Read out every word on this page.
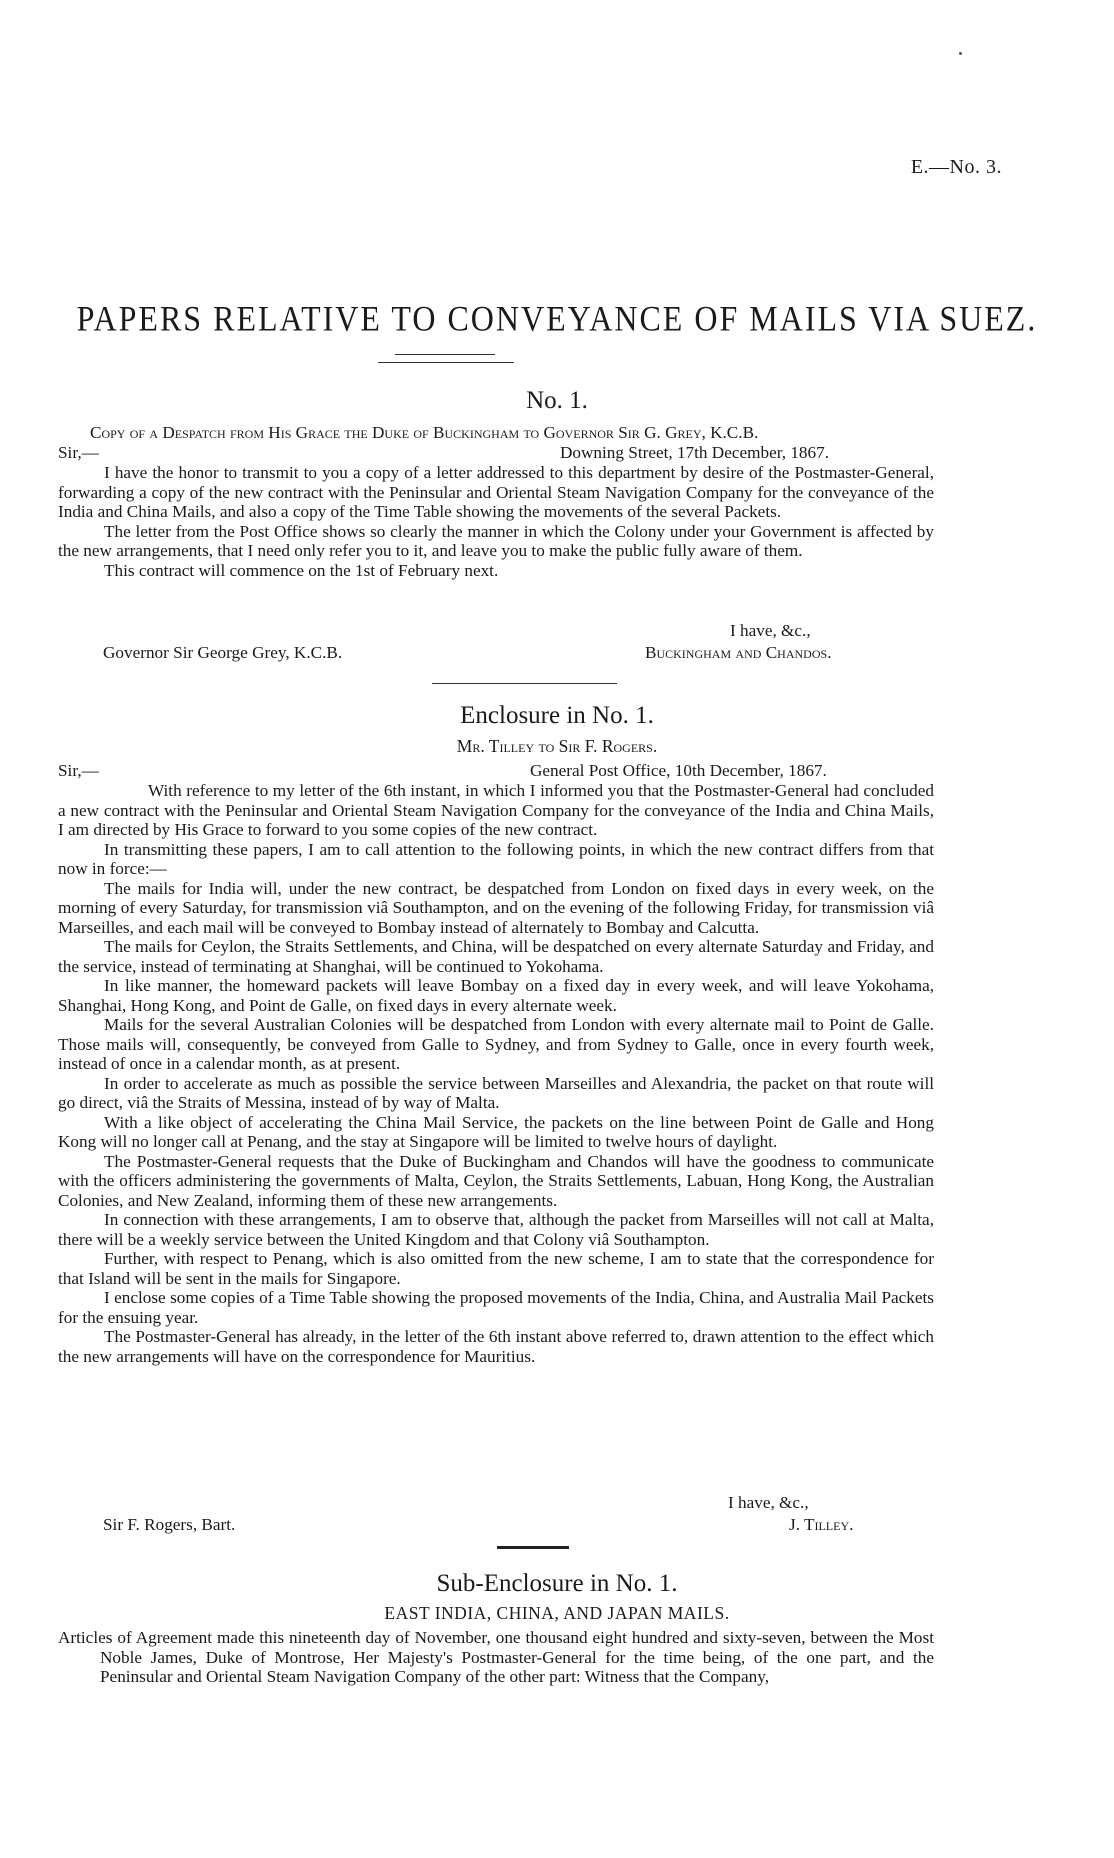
E.—No. 3.
PAPERS RELATIVE TO CONVEYANCE OF MAILS VIA SUEZ.
No. 1.
Copy of a Despatch from His Grace the Duke of Buckingham to Governor Sir G. Grey, K.C.B.
Sir,—	Downing Street, 17th December, 1867.

I have the honor to transmit to you a copy of a letter addressed to this department by desire of the Postmaster-General, forwarding a copy of the new contract with the Peninsular and Oriental Steam Navigation Company for the conveyance of the India and China Mails, and also a copy of the Time Table showing the movements of the several Packets.

The letter from the Post Office shows so clearly the manner in which the Colony under your Government is affected by the new arrangements, that I need only refer you to it, and leave you to make the public fully aware of them.

This contract will commence on the 1st of February next.

I have, &c.,
Governor Sir George Grey, K.C.B.	Buckingham and Chandos.
Enclosure in No. 1.
Mr. Tilley to Sir F. Rogers.
Sir,—	General Post Office, 10th December, 1867.

With reference to my letter of the 6th instant, in which I informed you that the Postmaster-General had concluded a new contract with the Peninsular and Oriental Steam Navigation Company for the conveyance of the India and China Mails, I am directed by His Grace to forward to you some copies of the new contract.

In transmitting these papers, I am to call attention to the following points, in which the new contract differs from that now in force:—

The mails for India will, under the new contract, be despatched from London on fixed days in every week, on the morning of every Saturday, for transmission viâ Southampton, and on the evening of the following Friday, for transmission viâ Marseilles, and each mail will be conveyed to Bombay instead of alternately to Bombay and Calcutta.

The mails for Ceylon, the Straits Settlements, and China, will be despatched on every alternate Saturday and Friday, and the service, instead of terminating at Shanghai, will be continued to Yokohama.

In like manner, the homeward packets will leave Bombay on a fixed day in every week, and will leave Yokohama, Shanghai, Hong Kong, and Point de Galle, on fixed days in every alternate week.

Mails for the several Australian Colonies will be despatched from London with every alternate mail to Point de Galle. Those mails will, consequently, be conveyed from Galle to Sydney, and from Sydney to Galle, once in every fourth week, instead of once in a calendar month, as at present.

In order to accelerate as much as possible the service between Marseilles and Alexandria, the packet on that route will go direct, viâ the Straits of Messina, instead of by way of Malta.

With a like object of accelerating the China Mail Service, the packets on the line between Point de Galle and Hong Kong will no longer call at Penang, and the stay at Singapore will be limited to twelve hours of daylight.

The Postmaster-General requests that the Duke of Buckingham and Chandos will have the goodness to communicate with the officers administering the governments of Malta, Ceylon, the Straits Settlements, Labuan, Hong Kong, the Australian Colonies, and New Zealand, informing them of these new arrangements.

In connection with these arrangements, I am to observe that, although the packet from Marseilles will not call at Malta, there will be a weekly service between the United Kingdom and that Colony viâ Southampton.

Further, with respect to Penang, which is also omitted from the new scheme, I am to state that the correspondence for that Island will be sent in the mails for Singapore.

I enclose some copies of a Time Table showing the proposed movements of the India, China, and Australia Mail Packets for the ensuing year.

The Postmaster-General has already, in the letter of the 6th instant above referred to, drawn attention to the effect which the new arrangements will have on the correspondence for Mauritius.

I have, &c.,
Sir F. Rogers, Bart.	J. Tilley.
Sub-Enclosure in No. 1.
EAST INDIA, CHINA, AND JAPAN MAILS.

Articles of Agreement made this nineteenth day of November, one thousand eight hundred and sixty-seven, between the Most Noble James, Duke of Montrose, Her Majesty's Postmaster-General for the time being, of the one part, and the Peninsular and Oriental Steam Navigation Company of the other part: Witness that the Company,
